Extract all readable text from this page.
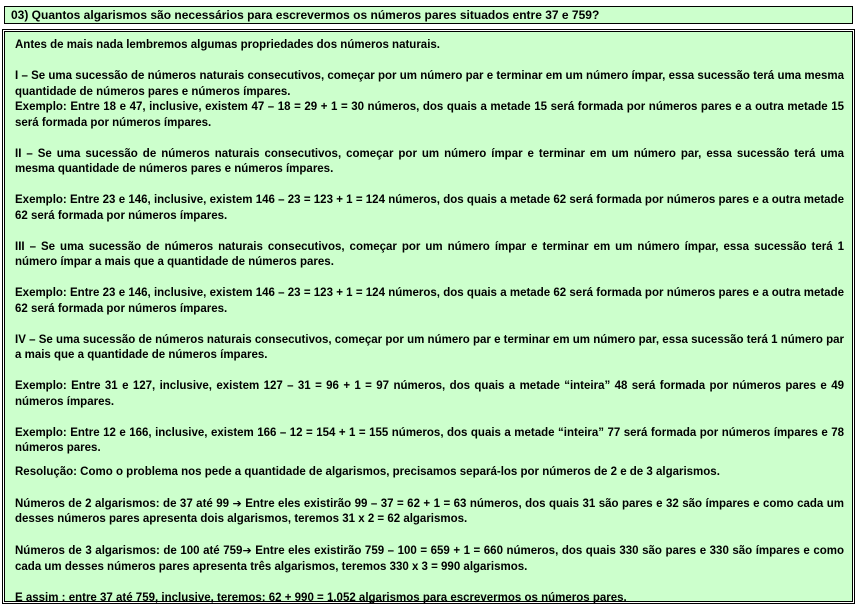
03) Quantos algarismos são necessários para escrevermos os números pares situados entre 37 e 759?

Antes de mais nada lembremos algumas propriedades dos números naturais.

I – Se uma sucessão de números naturais consecutivos, começar por um número par e terminar em um número ímpar, essa sucessão terá uma mesma quantidade de números pares e números ímpares.

Exemplo: Entre 18 e 47, inclusive, existem 47 – 18 = 29 + 1 = 30 números, dos quais a metade 15 será formada por números pares e a outra metade 15 será formada por números ímpares.

II – Se uma sucessão de números naturais consecutivos, começar por um número ímpar e terminar em um número par, essa sucessão terá uma mesma quantidade de números pares e números ímpares.

Exemplo: Entre 23 e 146, inclusive, existem 146 – 23 = 123 + 1 = 124 números, dos quais a metade 62 será formada por números pares e a outra metade 62 será formada por números ímpares.

III – Se uma sucessão de números naturais consecutivos, começar por um número ímpar e terminar em um número ímpar, essa sucessão terá 1 número ímpar a mais que a quantidade de números pares.

Exemplo: Entre 23 e 146, inclusive, existem 146 – 23 = 123 + 1 = 124 números, dos quais a metade 62 será formada por números pares e a outra metade 62 será formada por números ímpares.

IV – Se uma sucessão de números naturais consecutivos, começar por um número par e terminar em um número par, essa sucessão terá 1 número par a mais que a quantidade de números ímpares.

Exemplo: Entre 31 e 127, inclusive, existem 127 – 31 = 96 + 1 = 97 números, dos quais a metade “inteira” 48 será formada por números pares e 49 números ímpares.

Exemplo: Entre 12 e 166, inclusive, existem 166 – 12 = 154 + 1 = 155 números, dos quais a metade “inteira” 77 será formada por números ímpares e 78 números pares.

Resolução: Como o problema nos pede a quantidade de algarismos, precisamos separá-los por números de 2 e de 3 algarismos.

Números de 2 algarismos: de 37 até 99 ➔ Entre eles existirão 99 – 37 = 62 + 1 = 63 números, dos quais 31 são pares e 32 são ímpares e como cada um desses números pares apresenta dois algarismos, teremos 31 x 2 = 62 algarismos.

Números de 3 algarismos: de 100 até 759➔ Entre eles existirão 759 – 100 = 659 + 1 = 660 números, dos quais 330 são pares e 330 são ímpares e como cada um desses números pares apresenta três algarismos, teremos 330 x 3 = 990 algarismos.

E assim : entre 37 até 759, inclusive, teremos: 62 + 990 = 1.052 algarismos para escrevermos os números pares.
